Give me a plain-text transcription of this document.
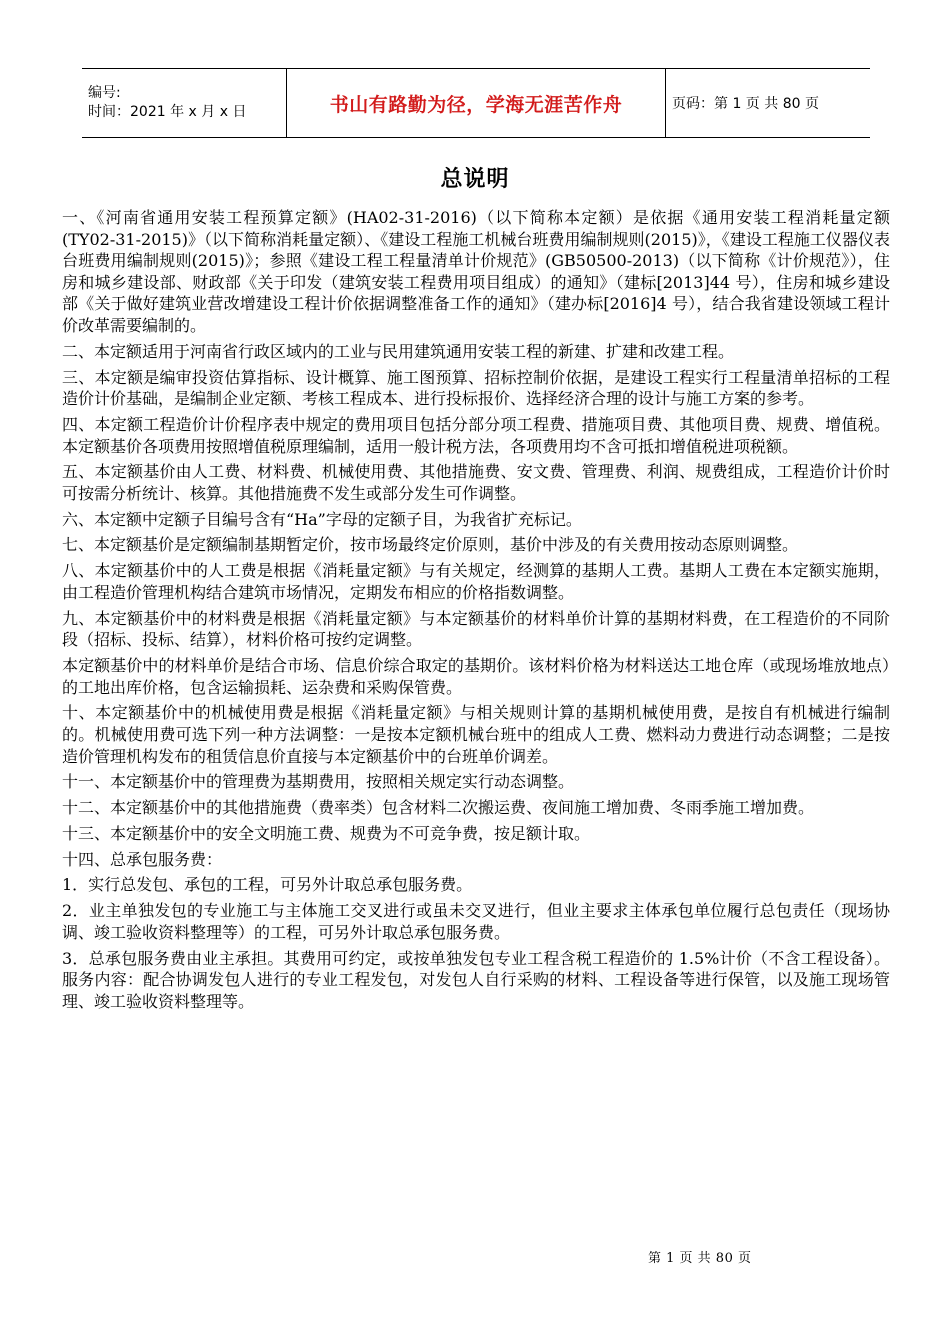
编号:
时间：2021 年 x 月 x 日	书山有路勤为径，学海无涯苦作舟	页码：第 1 页 共 80 页
总说明

一、《河南省通用安装工程预算定额》(HA02-31-2016)（以下简称本定额）是依据《通用安装工程消耗量定额(TY02-31-2015)》（以下简称消耗量定额）、《建设工程施工机械台班费用编制规则(2015)》，《建设工程施工仪器仪表台班费用编制规则(2015)》；参照《建设工程工程量清单计价规范》(GB50500-2013)（以下简称《计价规范》），住房和城乡建设部、财政部《关于印发（建筑安装工程费用项目组成）的通知》（建标[2013]44 号），住房和城乡建设部《关于做好建筑业营改增建设工程计价依据调整准备工作的通知》（建办标[2016]4 号），结合我省建设领域工程计价改革需要编制的。

二、本定额适用于河南省行政区域内的工业与民用建筑通用安装工程的新建、扩建和改建工程。

三、本定额是编审投资估算指标、设计概算、施工图预算、招标控制价依据，是建设工程实行工程量清单招标的工程造价计价基础，是编制企业定额、考核工程成本、进行投标报价、选择经济合理的设计与施工方案的参考。

四、本定额工程造价计价程序表中规定的费用项目包括分部分项工程费、措施项目费、其他项目费、规费、增值税。本定额基价各项费用按照增值税原理编制，适用一般计税方法，各项费用均不含可抵扣增值税进项税额。

五、本定额基价由人工费、材料费、机械使用费、其他措施费、安文费、管理费、利润、规费组成，工程造价计价时可按需分析统计、核算。其他措施费不发生或部分发生可作调整。

六、本定额中定额子目编号含有“Ha”字母的定额子目，为我省扩充标记。

七、本定额基价是定额编制基期暂定价，按市场最终定价原则，基价中涉及的有关费用按动态原则调整。

八、本定额基价中的人工费是根据《消耗量定额》与有关规定，经测算的基期人工费。基期人工费在本定额实施期，由工程造价管理机构结合建筑市场情况，定期发布相应的价格指数调整。

九、本定额基价中的材料费是根据《消耗量定额》与本定额基价的材料单价计算的基期材料费，在工程造价的不同阶段（招标、投标、结算），材料价格可按约定调整。

本定额基价中的材料单价是结合市场、信息价综合取定的基期价。该材料价格为材料送达工地仓库（或现场堆放地点）的工地出库价格，包含运输损耗、运杂费和采购保管费。

十、本定额基价中的机械使用费是根据《消耗量定额》与相关规则计算的基期机械使用费，是按自有机械进行编制的。机械使用费可选下列一种方法调整：一是按本定额机械台班中的组成人工费、燃料动力费进行动态调整；二是按造价管理机构发布的租赁信息价直接与本定额基价中的台班单价调差。

十一、本定额基价中的管理费为基期费用，按照相关规定实行动态调整。

十二、本定额基价中的其他措施费（费率类）包含材料二次搬运费、夜间施工增加费、冬雨季施工增加费。

十三、本定额基价中的安全文明施工费、规费为不可竞争费，按足额计取。

十四、总承包服务费：

1．实行总发包、承包的工程，可另外计取总承包服务费。

2．业主单独发包的专业施工与主体施工交叉进行或虽未交叉进行，但业主要求主体承包单位履行总包责任（现场协调、竣工验收资料整理等）的工程，可另外计取总承包服务费。

3．总承包服务费由业主承担。其费用可约定，或按单独发包专业工程含税工程造价的 1.5%计价（不含工程设备）。服务内容：配合协调发包人进行的专业工程发包，对发包人自行采购的材料、工程设备等进行保管，以及施工现场管理、竣工验收资料整理等。

第 1 页 共 80 页
